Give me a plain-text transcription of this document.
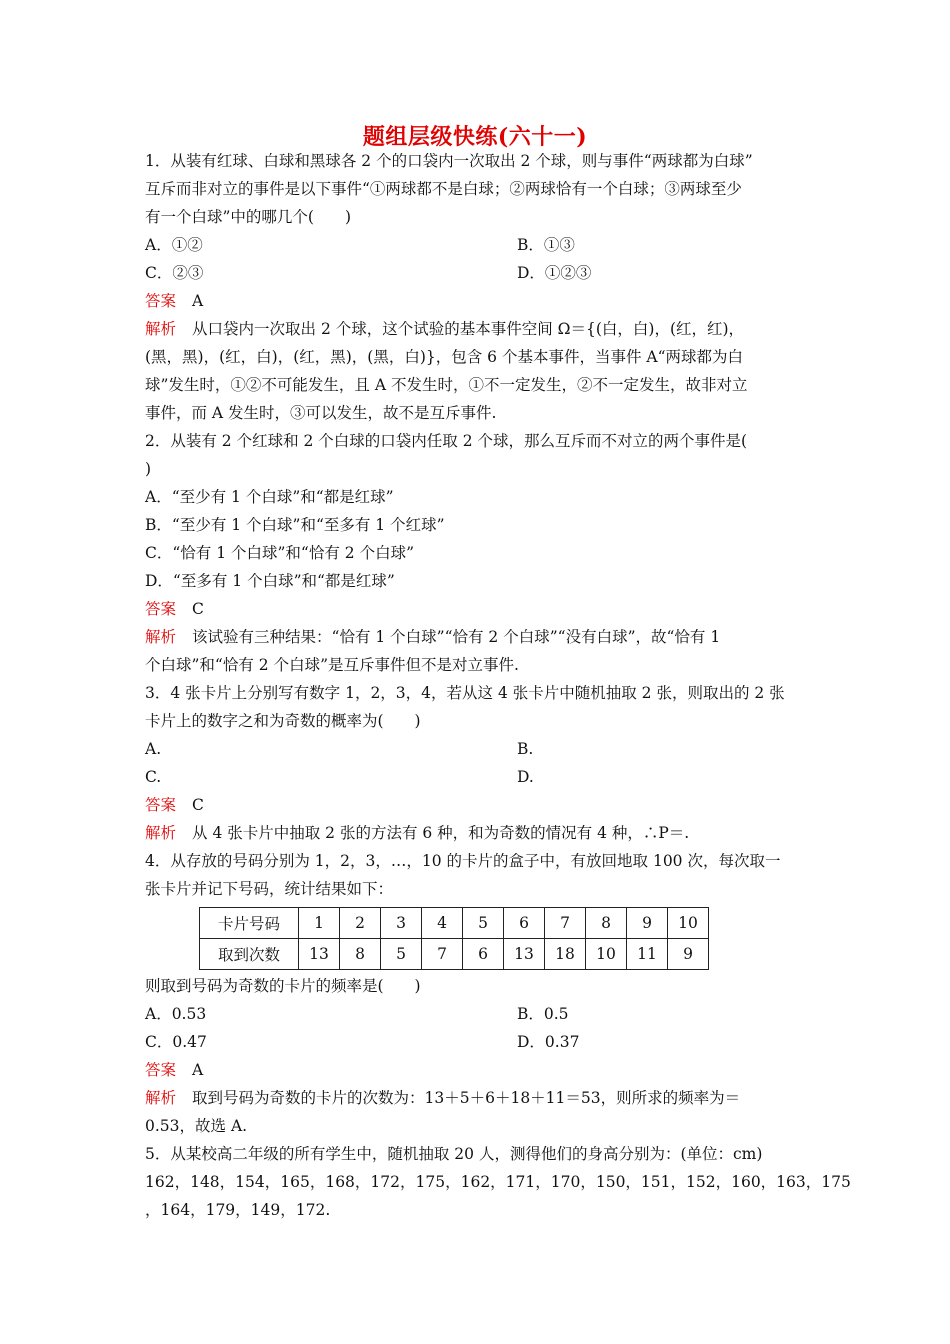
题组层级快练(六十一)
1．从装有红球、白球和黑球各 2 个的口袋内一次取出 2 个球，则与事件“两球都为白球”
互斥而非对立的事件是以下事件“①两球都不是白球；②两球恰有一个白球；③两球至少
有一个白球”中的哪几个(　　)
A．①②	B．①③
C．②③	D．①②③
答案 A
解析 从口袋内一次取出 2 个球，这个试验的基本事件空间 Ω＝{(白，白)，(红，红)，
(黑，黑)，(红，白)，(红，黑)，(黑，白)}，包含 6 个基本事件，当事件 A“两球都为白
球”发生时，①②不可能发生，且 A 不发生时，①不一定发生，②不一定发生，故非对立
事件，而 A 发生时，③可以发生，故不是互斥事件.
2．从装有 2 个红球和 2 个白球的口袋内任取 2 个球，那么互斥而不对立的两个事件是(
)
A．“至少有 1 个白球”和“都是红球”
B．“至少有 1 个白球”和“至多有 1 个红球”
C．“恰有 1 个白球”和“恰有 2 个白球”
D．“至多有 1 个白球”和“都是红球”
答案 C
解析 该试验有三种结果：“恰有 1 个白球”“恰有 2 个白球”“没有白球”，故“恰有 1
个白球”和“恰有 2 个白球”是互斥事件但不是对立事件.
3．4 张卡片上分别写有数字 1，2，3，4，若从这 4 张卡片中随机抽取 2 张，则取出的 2 张
卡片上的数字之和为奇数的概率为(　　)
A.	B.
C.	D.
答案 C
解析 从 4 张卡片中抽取 2 张的方法有 6 种，和为奇数的情况有 4 种，∴P＝.
4．从存放的号码分别为 1，2，3，…，10 的卡片的盒子中，有放回地取 100 次，每次取一
张卡片并记下号码，统计结果如下：
卡片号码	1	2	3	4	5	6	7	8	9	10
取到次数	13	8	5	7	6	13	18	10	11	9
则取到号码为奇数的卡片的频率是(　　)
A．0.53	B．0.5
C．0.47	D．0.37
答案 A
解析 取到号码为奇数的卡片的次数为：13＋5＋6＋18＋11＝53，则所求的频率为＝
0.53，故选 A.
5．从某校高二年级的所有学生中，随机抽取 20 人，测得他们的身高分别为：(单位：cm)
162，148，154，165，168，172，175，162，171，170，150，151，152，160，163，175
，164，179，149，172.
